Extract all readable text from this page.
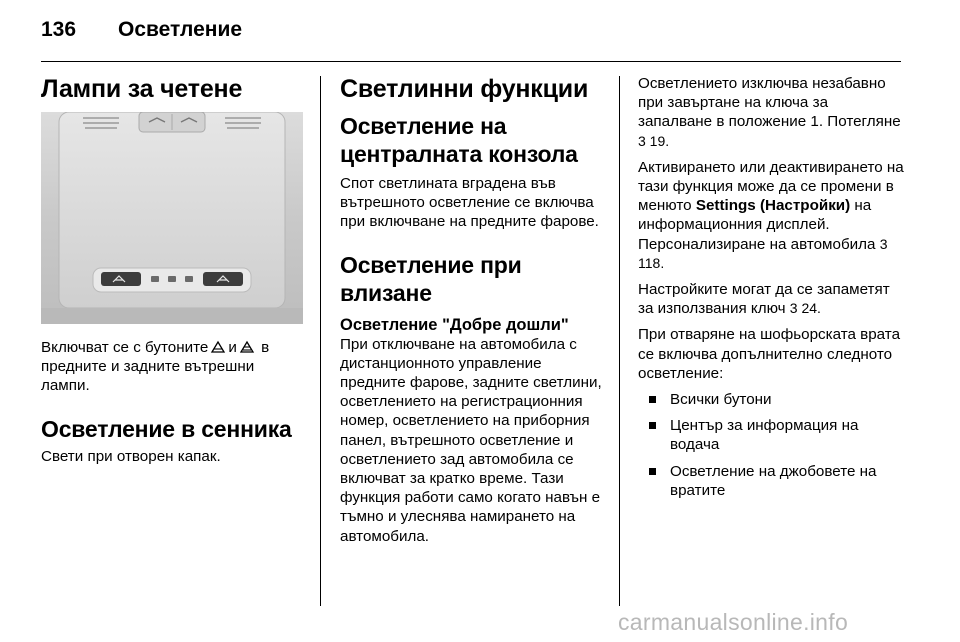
136 Осветление
Лампи за четене

Включват се с бутоните и в предните и задните вътрешни лампи.

Осветление в сенника

Свети при отворен капак.

Светлинни функции
Осветление на централната конзола

Спот светлината вградена във вътрешното осветление се включва при включване на предните фарове.

Осветление при влизане
Осветление "Добре дошли"

При отключване на автомобила с дистанционното управление предните фарове, задните светлини, осветлението на регистрационния номер, осветлението на приборния панел, вътрешното осветление и осветлението зад автомобила се включват за кратко време. Тази функция работи само когато навън е тъмно и улеснява намирането на автомобила.

Осветлението изключва незабавно при завъртане на ключа за запалване в положение 1. Потегляне 3 19.

Активирането или деактивирането на тази функция може да се промени в менюто Settings (Настройки) на информационния дисплей. Персонализиране на автомобила 3 118.

Настройките могат да се запаметят за използвания ключ 3 24.

При отваряне на шофьорската врата се включва допълнително следното осветление:

Всички бутони
Център за информация на водача
Осветление на джобовете на вратите
carmanualsonline.info
